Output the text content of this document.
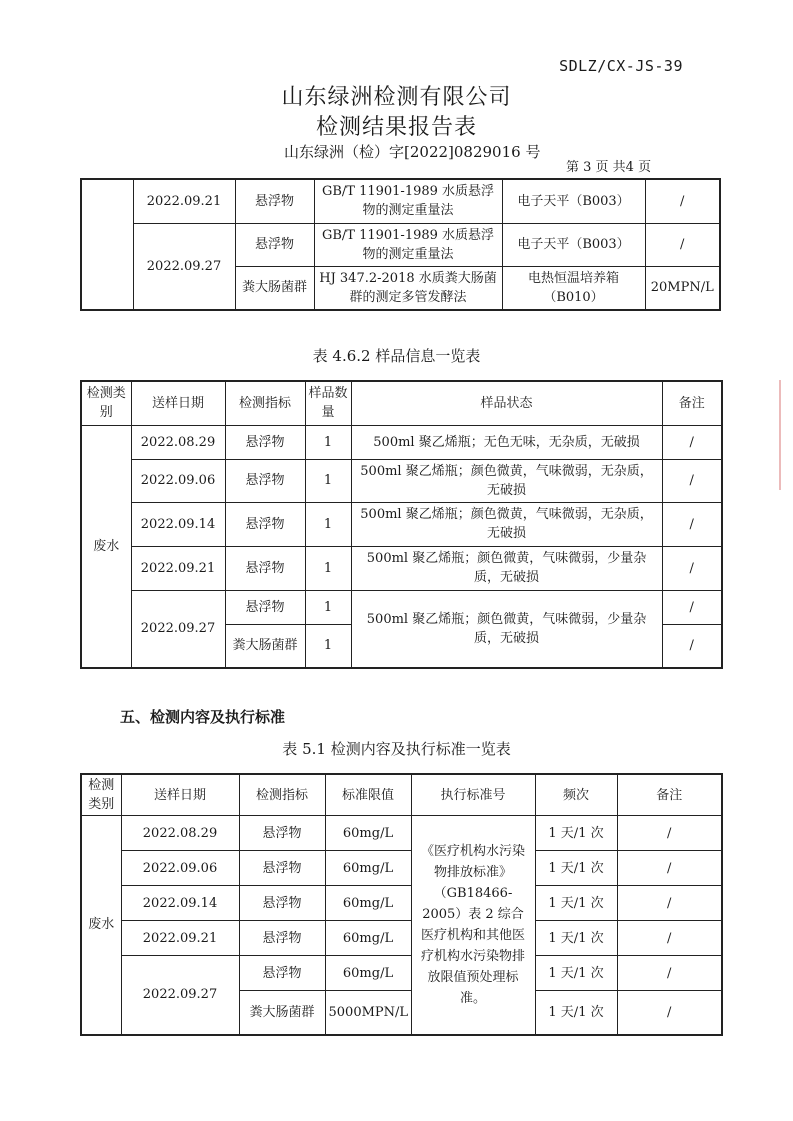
SDLZ/CX-JS-39
山东绿洲检测有限公司
检测结果报告表
山东绿洲（检）字[2022]0829016 号
第 3 页 共4 页
	2022.09.21	悬浮物	GB/T 11901-1989 水质悬浮物的测定重量法	电子天平（B003）	/
	2022.09.27	悬浮物	GB/T 11901-1989 水质悬浮物的测定重量法	电子天平（B003）	/
		粪大肠菌群	HJ 347.2-2018 水质粪大肠菌群的测定多管发酵法	电热恒温培养箱（B010）	20MPN/L
表 4.6.2 样品信息一览表
检测类别	送样日期	检测指标	样品数量	样品状态	备注
废水	2022.08.29	悬浮物	1	500ml 聚乙烯瓶；无色无味，无杂质，无破损	/
	2022.09.06	悬浮物	1	500ml 聚乙烯瓶；颜色微黄，气味微弱，无杂质，无破损	/
	2022.09.14	悬浮物	1	500ml 聚乙烯瓶；颜色微黄，气味微弱，无杂质，无破损	/
	2022.09.21	悬浮物	1	500ml 聚乙烯瓶；颜色微黄，气味微弱，少量杂质，无破损	/
	2022.09.27	悬浮物	1	500ml 聚乙烯瓶；颜色微黄，气味微弱，少量杂质，无破损	/
		粪大肠菌群	1		/
五、检测内容及执行标准
表 5.1 检测内容及执行标准一览表
检测类别	送样日期	检测指标	标准限值	执行标准号	频次	备注
废水	2022.08.29	悬浮物	60mg/L	《医疗机构水污染物排放标准》（GB18466-2005）表 2 综合医疗机构和其他医疗机构水污染物排放限值预处理标准。	1 天/1 次	/
	2022.09.06	悬浮物	60mg/L		1 天/1 次	/
	2022.09.14	悬浮物	60mg/L		1 天/1 次	/
	2022.09.21	悬浮物	60mg/L		1 天/1 次	/
	2022.09.27	悬浮物	60mg/L		1 天/1 次	/
		粪大肠菌群	5000MPN/L		1 天/1 次	/
